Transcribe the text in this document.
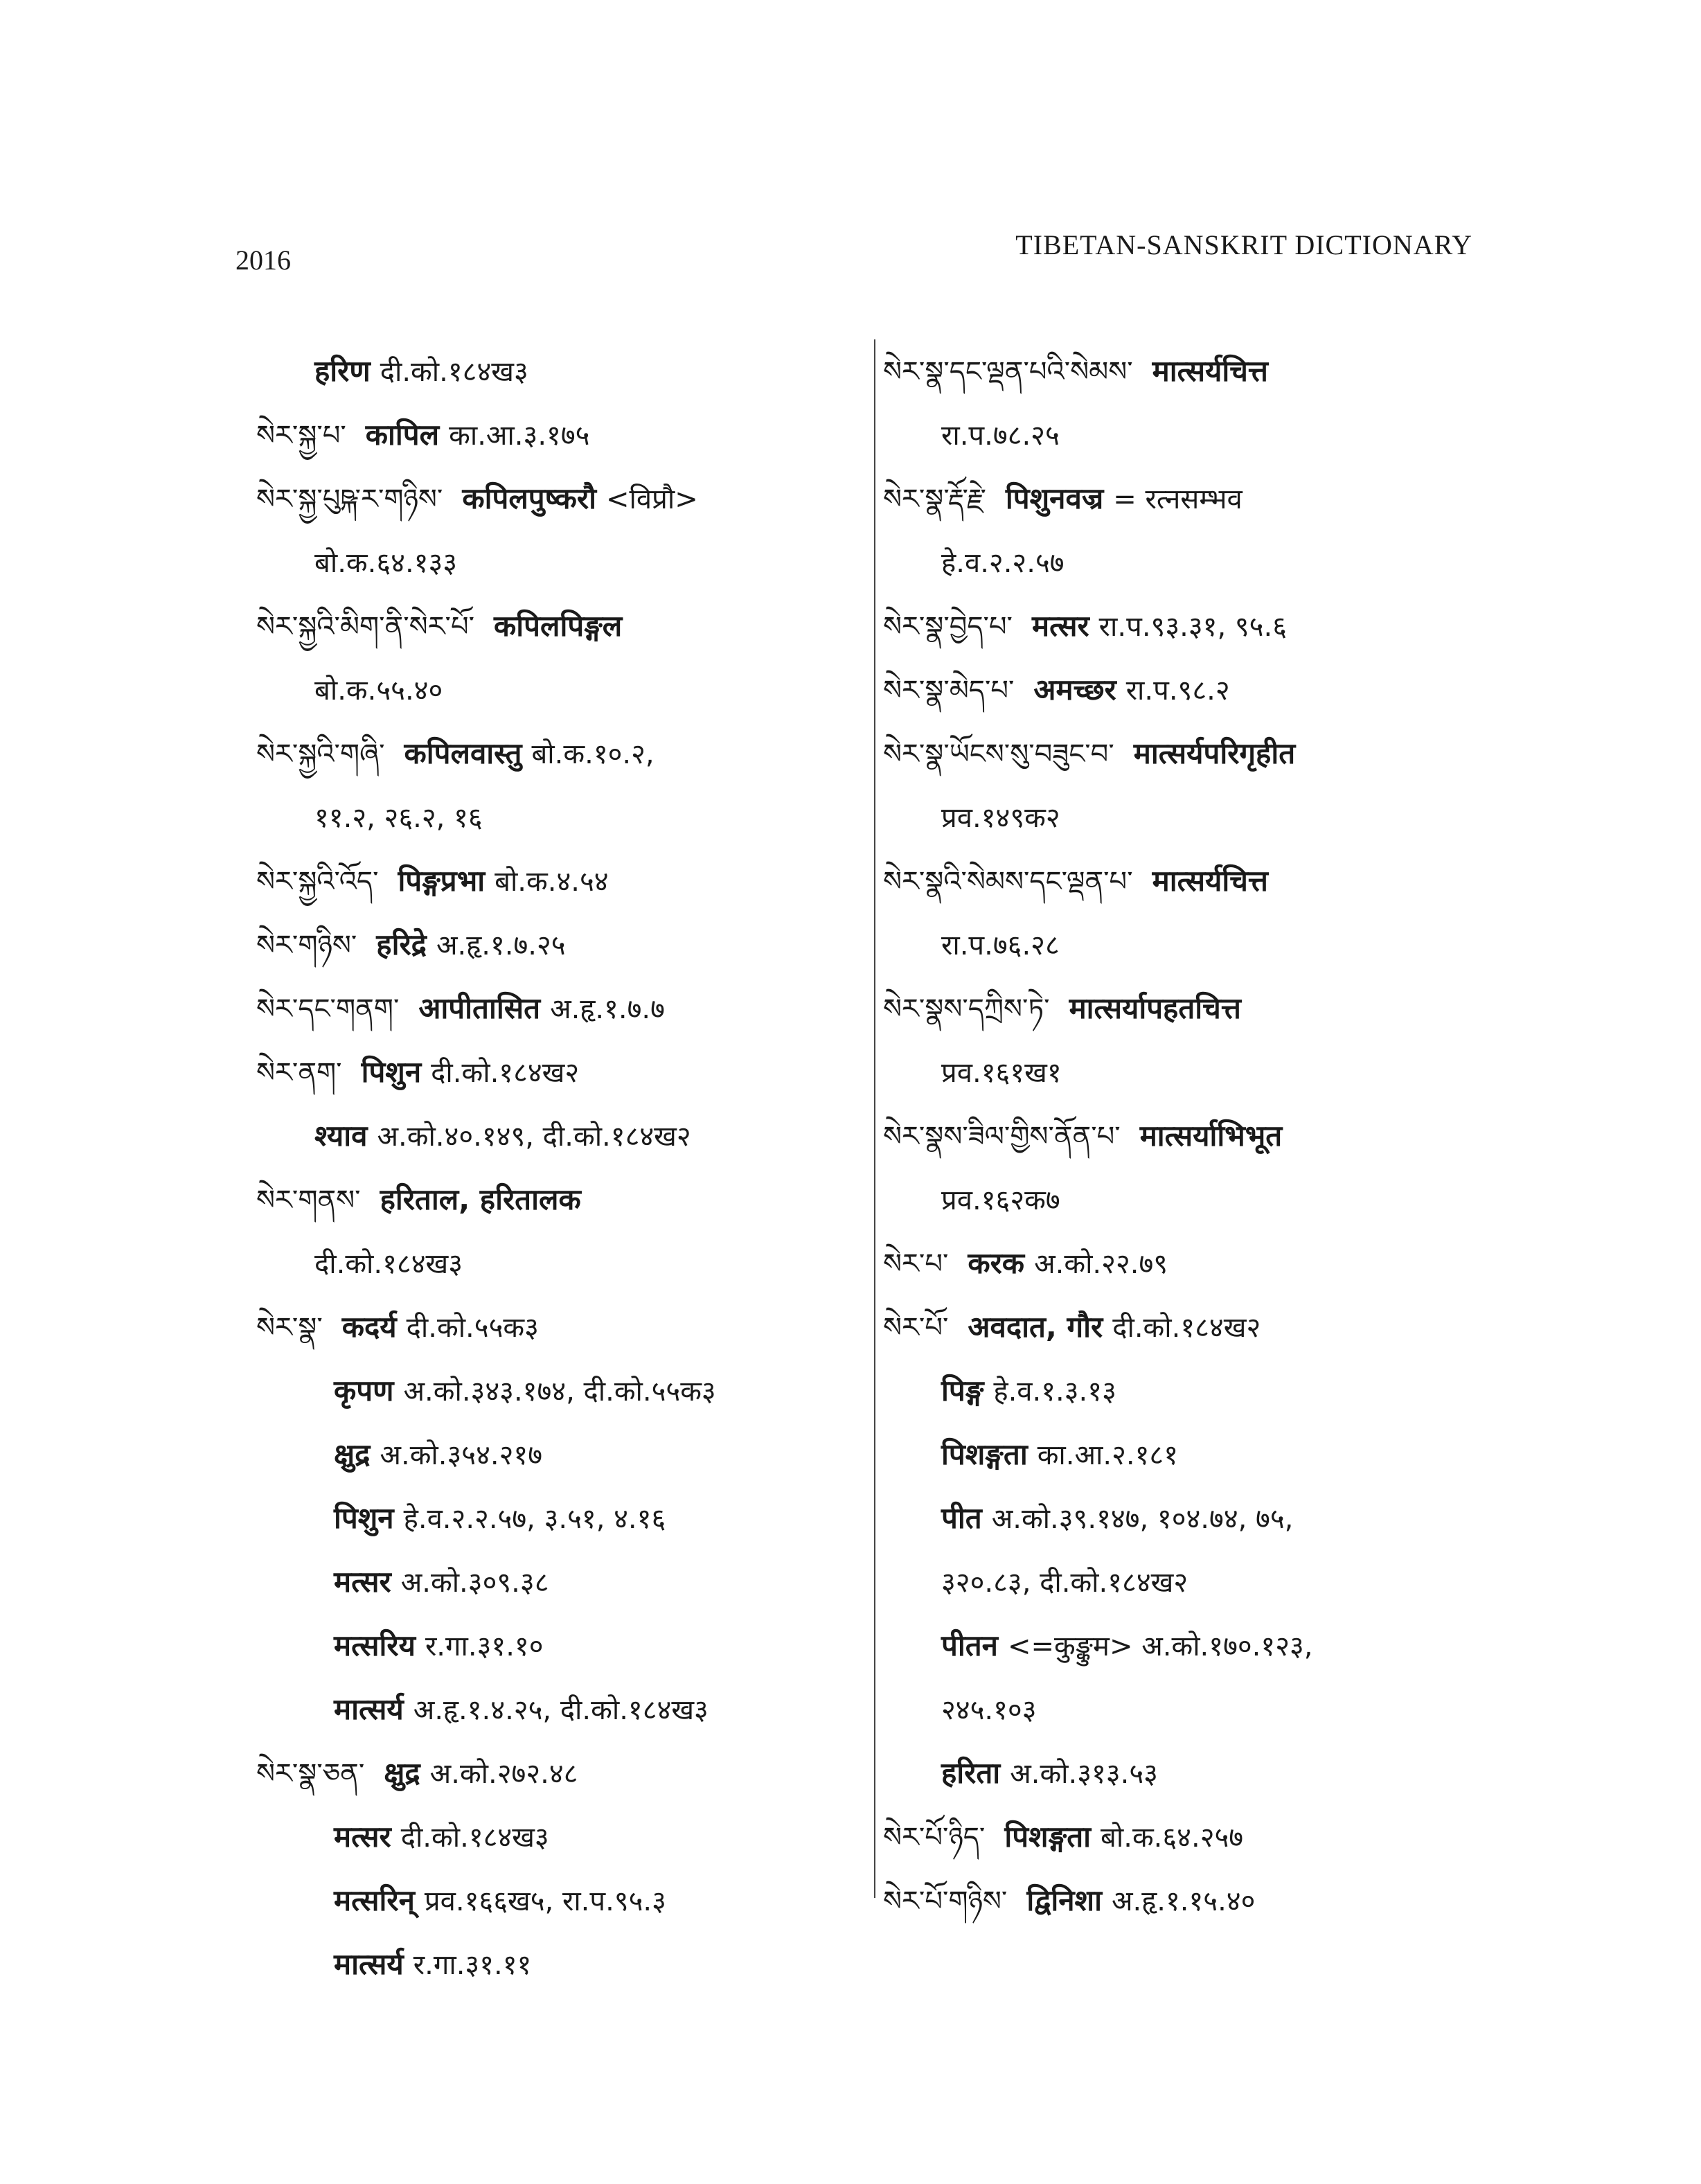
2016	TIBETAN-SANSKRIT DICTIONARY
हरिण दी.को.१८४ख३
སེར་སྐྱ་པ་ कापिल का.आ.३.१७५
སེར་སྐྱ་པུཥྐ་ར་གཉིས་ कपिलपुष्करौ <विप्रौ>
बो.क.६४.१३३
སེར་སྐྱའི་མིག་ནི་སེར་པོ་ कपिलपिङ्गल
बो.क.५५.४०
སེར་སྐྱའི་གཞི་ कपिलवास्तु बो.क.१०.२,
११.२, २६.२, १६
སེར་སྐྱའི་འོད་ पिङ्गप्रभा बो.क.४.५४
སེར་གཉིས་ हरिद्रे अ.हृ.१.७.२५
སེར་དང་གནག་ आपीतासित अ.हृ.१.७.७
སེར་ནག་ पिशुन दी.को.१८४ख२
श्याव अ.को.४०.१४९, दी.को.१८४ख२
སེར་གནས་ हरिताल, हरितालक
दी.को.१८४ख३
སེར་སྣ་ कदर्य दी.को.५५क३
कृपण अ.को.३४३.१७४, दी.को.५५क३
क्षुद्र अ.को.३५४.२१७
पिशुन हे.व.२.२.५७, ३.५१, ४.१६
मत्सर अ.को.३०९.३८
मत्सरिय र.गा.३१.१०
मात्सर्य अ.हृ.१.४.२५, दी.को.१८४ख३
སེར་སྣ་ཅན་ क्षुद्र अ.को.२७२.४८
मत्सर दी.को.१८४ख३
मत्सरिन् प्रव.१६६ख५, रा.प.९५.३
मात्सर्य र.गा.३१.११
སེར་སྣ་དང་ལྡན་པའི་སེམས་ मात्सर्यचित्त
रा.प.७८.२५
སེར་སྣ་རྡོ་རྗེ་ पिशुनवज्र = रत्नसम्भव
हे.व.२.२.५७
སེར་སྣ་བྱེད་པ་ मत्सर रा.प.९३.३१, ९५.६
སེར་སྣ་མེད་པ་ अमच्छर रा.प.९८.२
སེར་སྣ་ཡོངས་སུ་བཟུང་བ་ मात्सर्यपरिगृहीत
प्रव.१४९क२
སེར་སྣའི་སེམས་དང་ལྡན་པ་ मात्सर्यचित्त
रा.प.७६.२८
སེར་སྣས་དཀྲིས་ཏེ་ मात्सर्यापहतचित्त
प्रव.१६१ख१
སེར་སྣས་ཟིལ་གྱིས་ནོན་པ་ मात्सर्याभिभूत
प्रव.१६२क७
སེར་པ་ करक अ.को.२२.७९
སེར་པོ་ अवदात, गौर दी.को.१८४ख२
पिङ्ग हे.व.१.३.१३
पिशङ्गता का.आ.२.१८१
पीत अ.को.३९.१४७, १०४.७४, ७५,
३२०.८३, दी.को.१८४ख२
पीतन <=कुङ्कुम> अ.को.१७०.१२३,
२४५.१०३
हरिता अ.को.३१३.५३
སེར་པོ་ཉིད་ पिशङ्गता बो.क.६४.२५७
སེར་པོ་གཉིས་ द्विनिशा अ.हृ.१.१५.४०
